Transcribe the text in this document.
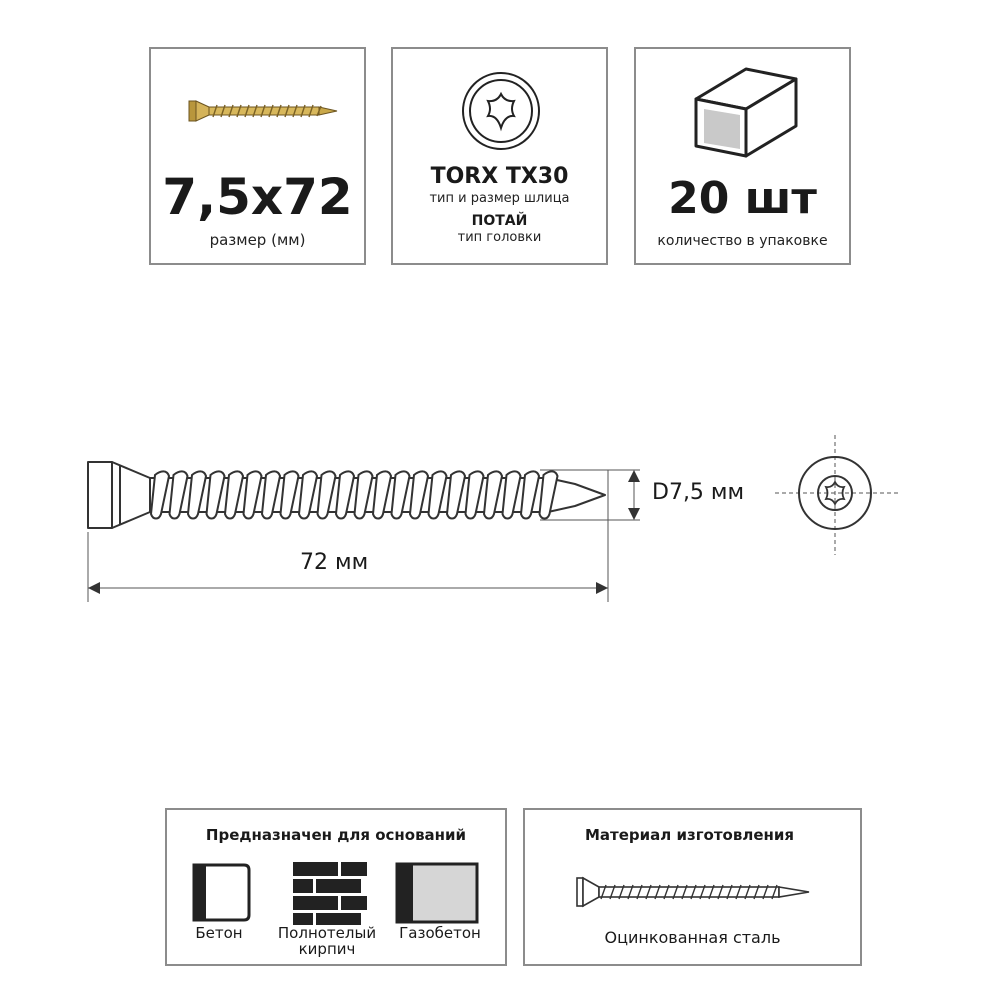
7,5x72
размер (мм)
TORX TX30
тип и размер шлица
ПОТАЙ
тип головки
20 шт
количество в упаковке
D7,5 мм
72 мм
Предназначен для оснований
Бетон	Полнотелый
кирпич
Газобетон
Материал изготовления
Оцинкованная сталь
